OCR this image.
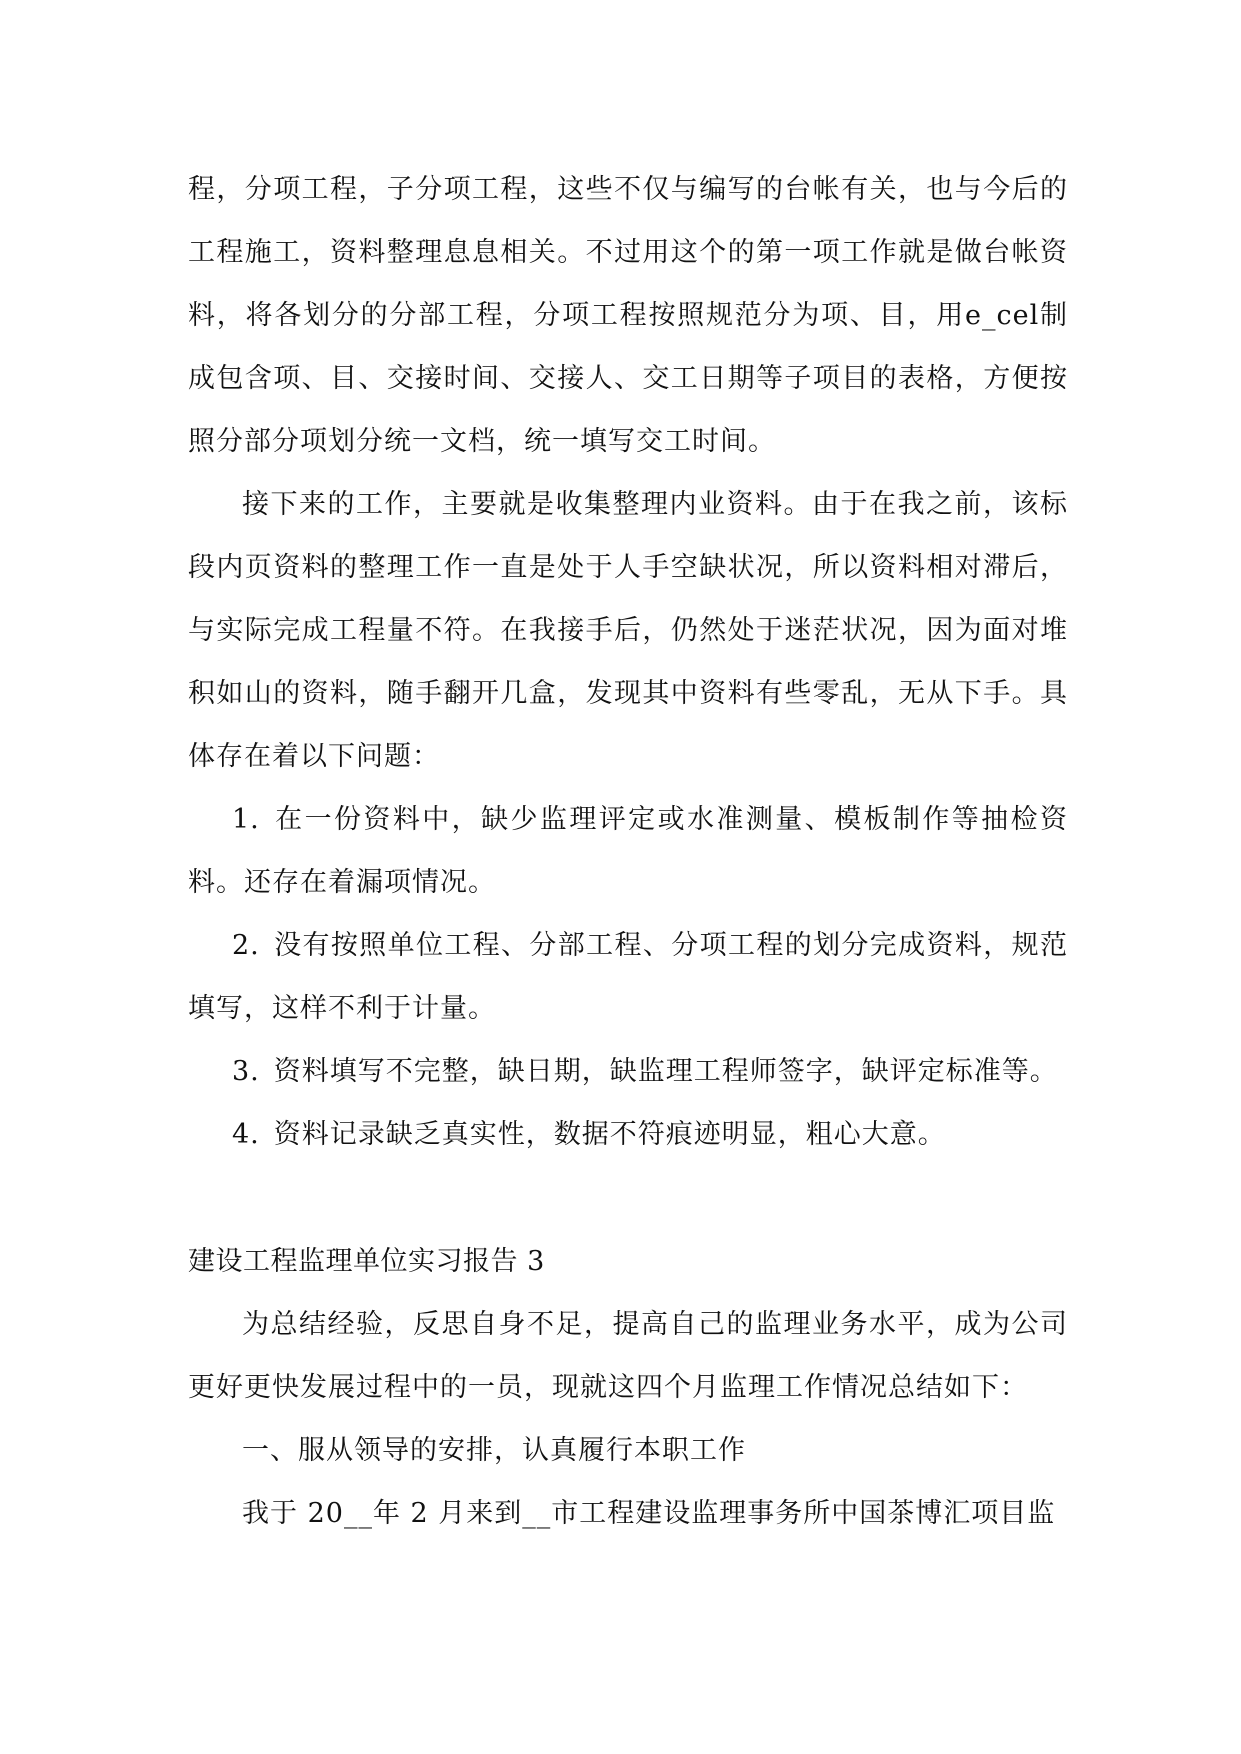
程，分项工程，子分项工程，这些不仅与编写的台帐有关，也与今后的工程施工，资料整理息息相关。不过用这个的第一项工作就是做台帐资料，将各划分的分部工程，分项工程按照规范分为项、目，用e_cel制成包含项、目、交接时间、交接人、交工日期等子项目的表格，方便按照分部分项划分统一文档，统一填写交工时间。

接下来的工作，主要就是收集整理内业资料。由于在我之前，该标段内页资料的整理工作一直是处于人手空缺状况，所以资料相对滞后，与实际完成工程量不符。在我接手后，仍然处于迷茫状况，因为面对堆积如山的资料，随手翻开几盒，发现其中资料有些零乱，无从下手。具体存在着以下问题：

1. 在一份资料中，缺少监理评定或水准测量、模板制作等抽检资料。还存在着漏项情况。

2. 没有按照单位工程、分部工程、分项工程的划分完成资料，规范填写，这样不利于计量。

3. 资料填写不完整，缺日期，缺监理工程师签字，缺评定标准等。

4. 资料记录缺乏真实性，数据不符痕迹明显，粗心大意。

建设工程监理单位实习报告 3

为总结经验，反思自身不足，提高自己的监理业务水平，成为公司更好更快发展过程中的一员，现就这四个月监理工作情况总结如下：

一、服从领导的安排，认真履行本职工作

我于 20__年 2 月来到__市工程建设监理事务所中国茶博汇项目监
